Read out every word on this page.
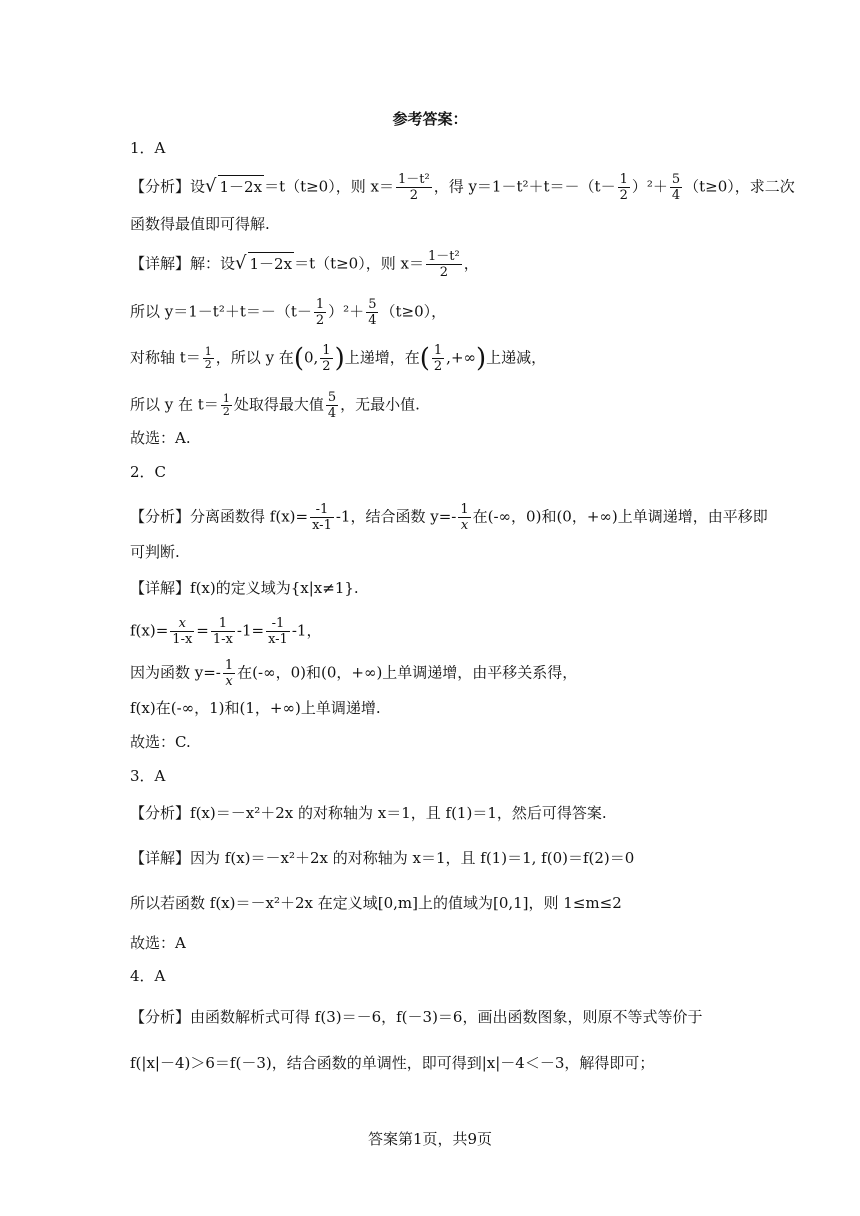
参考答案：
1．A
【分析】设√ 1－2x ＝t（t≥0），则 $x= \frac{\text{1－t²}}{2}$ ，得 $y=1-t^2+t=-(t- \frac{1}{2} )^2+ \frac{5}{4} (t\ge 0)$，求二次
函数得最值即可得解.
【详解】解：设√ 1－2x ＝t（t≥0），则 $x= \frac{\text{1－t²}}{2}$ ，
所以 $y=1-t^2+t=-(t- \frac{1}{2} )^2+ \frac{5}{4} (t\ge 0)$，
对称轴 $t= \frac{1}{2}$ ，所以 y 在(0, $\frac{1}{2}$ )上递增，在( $\frac{1}{2}$ ,+∞)上递减，
所以 y 在 $t= \frac{1}{2}$ 处取得最大值 $\frac{5}{4}$ ，无最小值.
故选：A.
2．C
【分析】分离函数得 $f(x)= \frac{-1}{x-1} -1$，结合函数 $y=- \frac{1}{x}$ 在(-∞，0)和(0，+∞)上单调递增，由平移即
可判断.
【详解】f(x)的定义域为{x|x≠1}.
$f(x)= \frac{x}{1-x} = \frac{1}{1-x} -1= \frac{-1}{x-1} -1$，
因为函数 $y=- \frac{1}{x}$ 在(-∞，0)和(0，+∞)上单调递增，由平移关系得，
f(x)在(-∞，1)和(1，+∞)上单调递增.
故选：C.
3．A
【分析】f(x)＝－x²＋2x 的对称轴为 x＝1，且 f(1)＝1，然后可得答案.
【详解】因为 f(x)＝－x²＋2x 的对称轴为 x＝1，且 f(1)＝1, f(0)＝f(2)＝0
所以若函数 f(x)＝－x²＋2x 在定义域[0,m]上的值域为[0,1]，则 1≤m≤2
故选：A
4．A
【分析】由函数解析式可得 f(3)＝－6，f(－3)＝6，画出函数图象，则原不等式等价于
f(|x|－4)＞6＝f(－3)，结合函数的单调性，即可得到|x|－4＜－3，解得即可；
答案第1页，共9页
